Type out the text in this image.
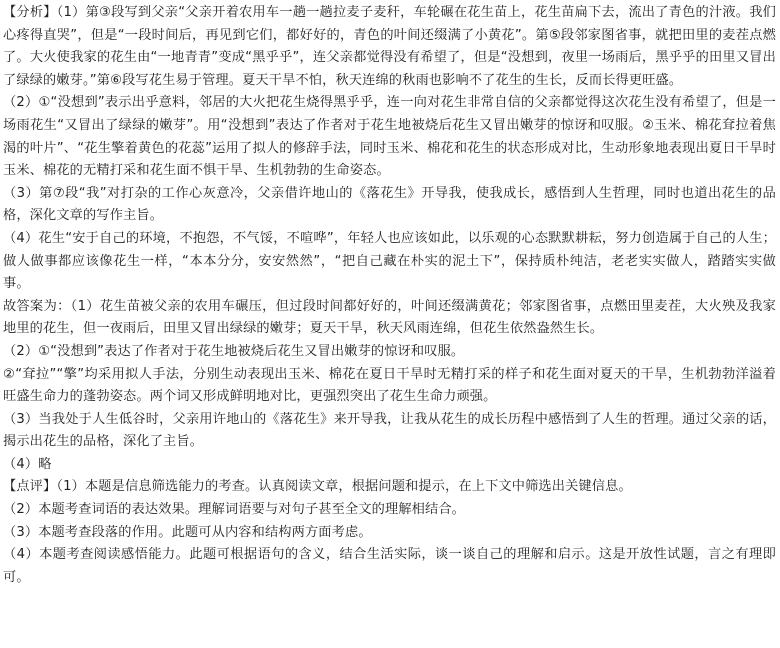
【分析】（1）第③段写到父亲“父亲开着农用车一趟一趟拉麦子麦秆，车轮碾在花生苗上，花生苗扁下去，流出了青色的汁液。我们心疼得直哭”，但是“一段时间后，再见到它们，都好好的，青色的叶间还缀满了小黄花”。第⑤段邻家图省事，就把田里的麦茬点燃了。大火使我家的花生由“一地青青”变成“黑乎乎”，连父亲都觉得没有希望了，但是“没想到，夜里一场雨后，黑乎乎的田里又冒出了绿绿的嫩芽。”第⑥段写花生易于管理。夏天干旱不怕，秋天连绵的秋雨也影响不了花生的生长，反而长得更旺盛。

（2）①“没想到”表示出乎意料，邻居的大火把花生烧得黑乎乎，连一向对花生非常自信的父亲都觉得这次花生没有希望了，但是一场雨花生“又冒出了绿绿的嫩芽”。用“没想到”表达了作者对于花生地被烧后花生又冒出嫩芽的惊讶和叹服。②玉米、棉花耷拉着焦渴的叶片”、“花生擎着黄色的花蕊”运用了拟人的修辞手法，同时玉米、棉花和花生的状态形成对比，生动形象地表现出夏日干旱时玉米、棉花的无精打采和花生面不惧干旱、生机勃勃的生命姿态。

（3）第⑦段“我”对打杂的工作心灰意冷，父亲借许地山的《落花生》开导我，使我成长，感悟到人生哲理，同时也道出花生的品格，深化文章的写作主旨。

（4）花生“安于自己的环境，不抱怨，不气馁，不喧哗”，年轻人也应该如此，以乐观的心态默默耕耘，努力创造属于自己的人生；做人做事都应该像花生一样，“本本分分，安安然然”，“把自己藏在朴实的泥土下”，保持质朴纯洁，老老实实做人，踏踏实实做事。

故答案为：（1）花生苗被父亲的农用车碾压，但过段时间都好好的，叶间还缀满黄花；邻家图省事，点燃田里麦茬，大火殃及我家地里的花生，但一夜雨后，田里又冒出绿绿的嫩芽；夏天干旱，秋天风雨连绵，但花生依然盎然生长。

（2）①“没想到”表达了作者对于花生地被烧后花生又冒出嫩芽的惊讶和叹服。

②“耷拉”“擎”均采用拟人手法，分别生动表现出玉米、棉花在夏日干旱时无精打采的样子和花生面对夏天的干旱，生机勃勃洋溢着旺盛生命力的蓬勃姿态。两个词又形成鲜明地对比，更强烈突出了花生生命力顽强。

（3）当我处于人生低谷时，父亲用许地山的《落花生》来开导我，让我从花生的成长历程中感悟到了人生的哲理。通过父亲的话，揭示出花生的品格，深化了主旨。

（4）略

【点评】（1）本题是信息筛选能力的考查。认真阅读文章，根据问题和提示，在上下文中筛选出关键信息。

（2）本题考查词语的表达效果。理解词语要与对句子甚至全文的理解相结合。

（3）本题考查段落的作用。此题可从内容和结构两方面考虑。

（4）本题考查阅读感悟能力。此题可根据语句的含义，结合生活实际，谈一谈自己的理解和启示。这是开放性试题，言之有理即可。
